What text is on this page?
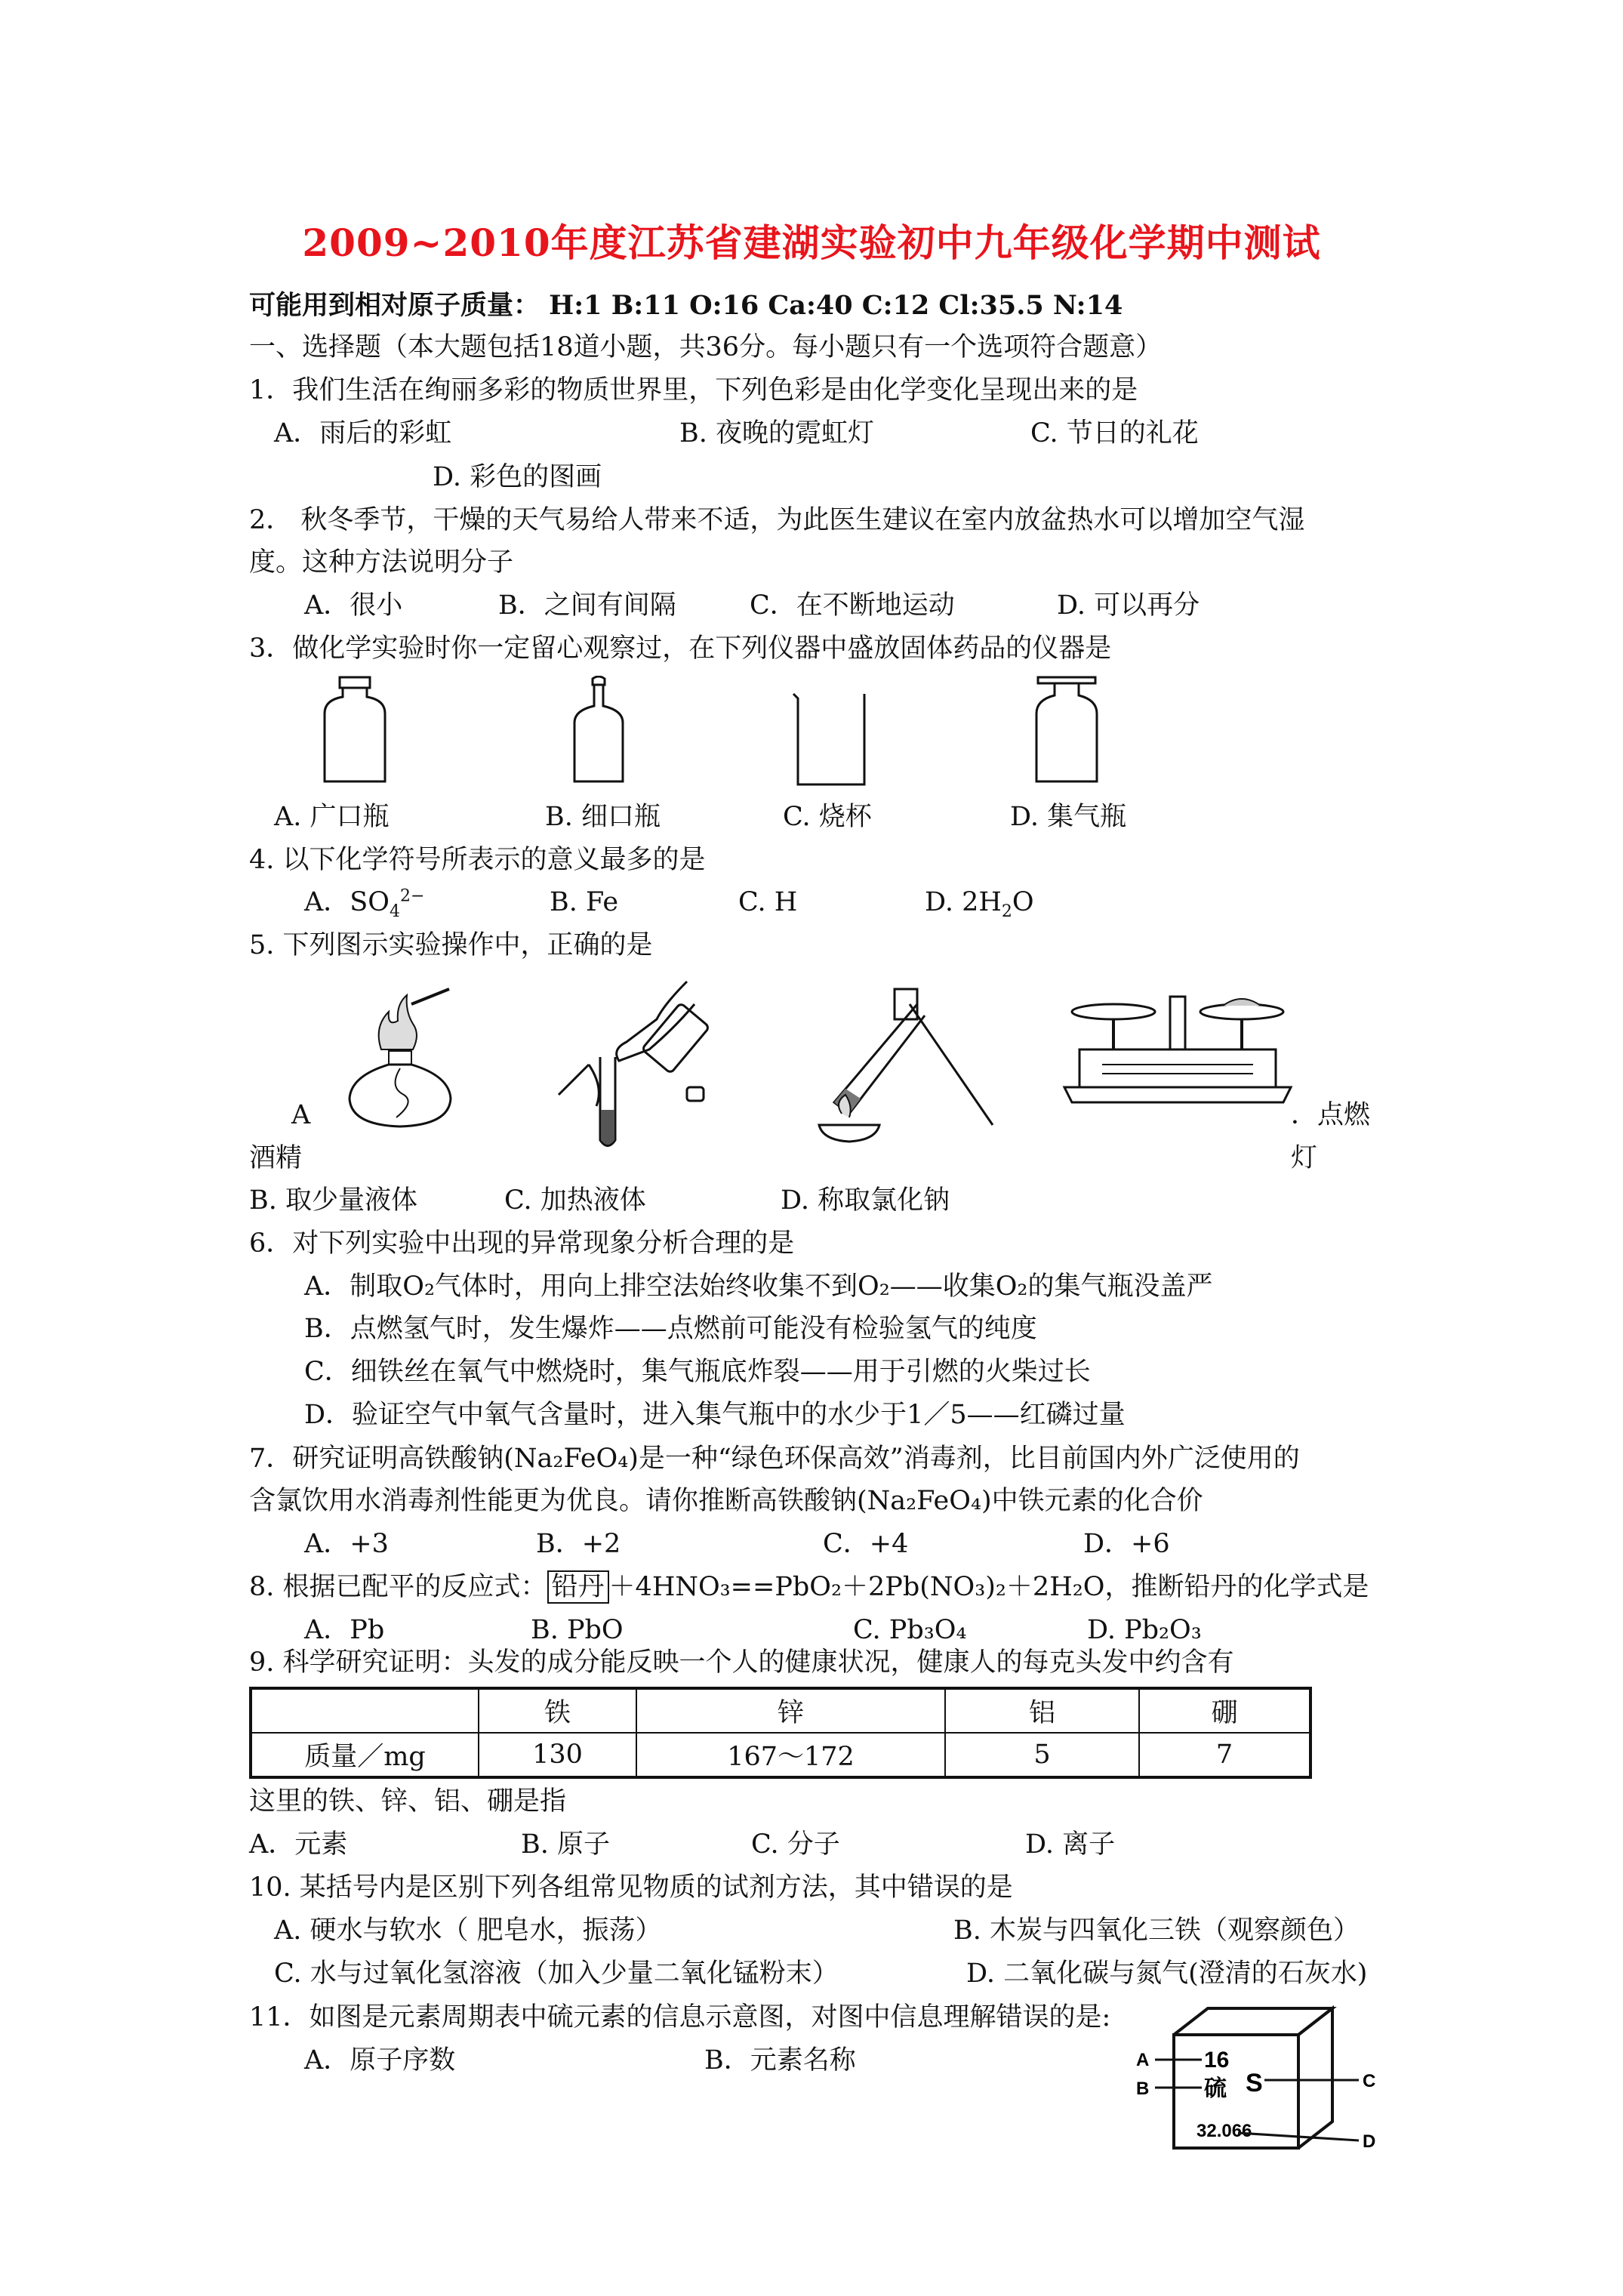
2009~2010年度江苏省建湖实验初中九年级化学期中测试
可能用到相对原子质量： H:1 B:11 O:16 Ca:40 C:12 Cl:35.5 N:14
一、选择题（本大题包括18道小题，共36分。每小题只有一个选项符合题意）
1．我们生活在绚丽多彩的物质世界里，下列色彩是由化学变化呈现出来的是
A．雨后的彩虹	B. 夜晚的霓虹灯	C. 节日的礼花
D. 彩色的图画
2． 秋冬季节，干燥的天气易给人带来不适，为此医生建议在室内放盆热水可以增加空气湿
度。这种方法说明分子
A．很小	B．之间有间隔	C．在不断地运动	D. 可以再分
3．做化学实验时你一定留心观察过，在下列仪器中盛放固体药品的仪器是
A. 广口瓶	B. 细口瓶	C. 烧杯	D. 集气瓶
4. 以下化学符号所表示的意义最多的是
A．$SO_4^{2-}$	B. Fe	C. H	D. $2H_2O$
5. 下列图示实验操作中，正确的是
A	．点燃
酒精	灯
B. 取少量液体	C. 加热液体	D. 称取氯化钠
6．对下列实验中出现的异常现象分析合理的是
A．制取O₂气体时，用向上排空法始终收集不到O₂——收集O₂的集气瓶没盖严
B．点燃氢气时，发生爆炸——点燃前可能没有检验氢气的纯度
C．细铁丝在氧气中燃烧时，集气瓶底炸裂——用于引燃的火柴过长
D．验证空气中氧气含量时，进入集气瓶中的水少于1／5——红磷过量
7．研究证明高铁酸钠(Na₂FeO₄)是一种“绿色环保高效”消毒剂，比目前国内外广泛使用的
含氯饮用水消毒剂性能更为优良。请你推断高铁酸钠(Na₂FeO₄)中铁元素的化合价
A．+3	B．+2	C．+4	D．+6
8. 根据已配平的反应式： 铅丹 ＋4HNO₃==PbO₂＋2Pb(NO₃)₂＋2H₂O，推断铅丹的化学式是
A．Pb	B. PbO	C. Pb₃O₄	D. Pb₂O₃
9. 科学研究证明：头发的成分能反映一个人的健康状况，健康人的每克头发中约含有
	铁	锌	铝	硼
质量／mg	130	167～172	5	7
这里的铁、锌、铝、硼是指
A．元素	B. 原子	C. 分子	D. 离子
10. 某括号内是区别下列各组常见物质的试剂方法，其中错误的是
A. 硬水与软水（ 肥皂水，振荡）	B. 木炭与四氧化三铁（观察颜色）
C. 水与过氧化氢溶液（加入少量二氧化锰粉末）	D. 二氧化碳与氮气(澄清的石灰水)
11．如图是元素周期表中硫元素的信息示意图，对图中信息理解错误的是:
A．原子序数	B．元素名称	16
硫 S
32.066
A
B	C
D
